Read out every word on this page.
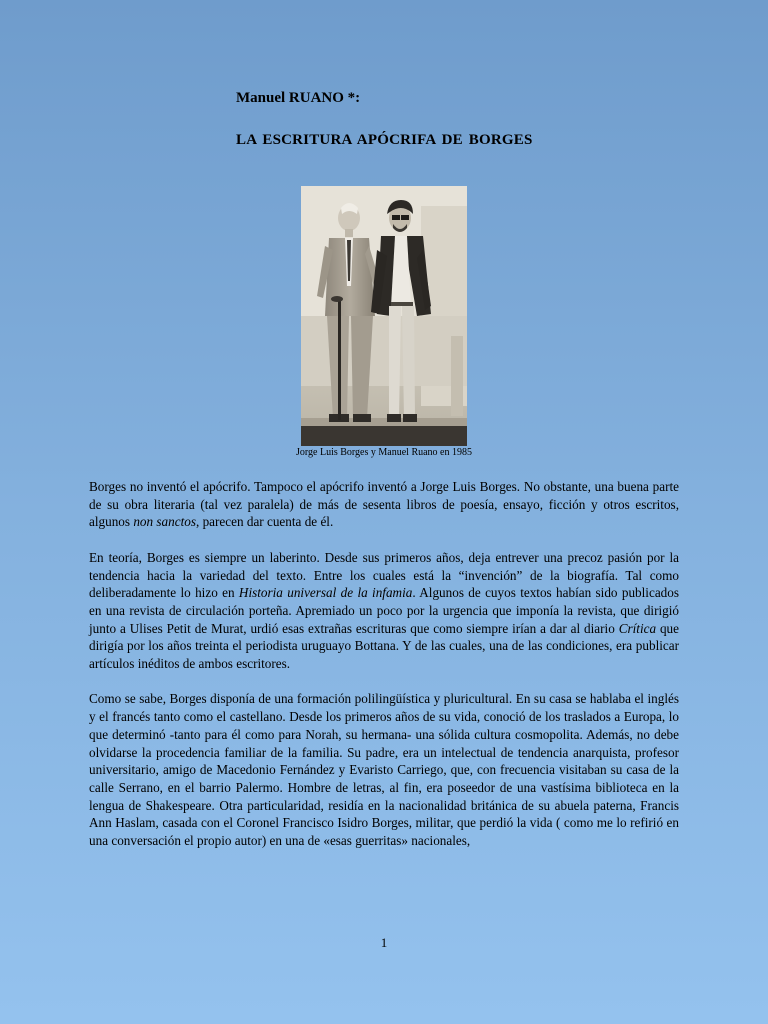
Manuel RUANO *:

LA ESCRITURA APÓCRIFA DE BORGES

Jorge Luis Borges y Manuel Ruano en 1985

Borges no inventó el apócrifo. Tampoco el apócrifo inventó a Jorge Luis Borges. No obstante, una buena parte de su obra literaria (tal vez paralela) de más de sesenta libros de poesía, ensayo, ficción y otros escritos, algunos non sanctos, parecen dar cuenta de él.

En teoría, Borges es siempre un laberinto. Desde sus primeros años, deja entrever una precoz pasión por la tendencia hacia la variedad del texto. Entre los cuales está la “invención” de la biografía. Tal como deliberadamente lo hizo en Historia universal de la infamia. Algunos de cuyos textos habían sido publicados en una revista de circulación porteña. Apremiado un poco por la urgencia que imponía la revista, que dirigió junto a Ulises Petit de Murat, urdió esas extrañas escrituras que como siempre irían a dar al diario Crítica que dirigía por los años treinta el periodista uruguayo Bottana. Y de las cuales, una de las condiciones, era publicar artículos inéditos de ambos escritores.

Como se sabe, Borges disponía de una formación polilingüística y pluricultural. En su casa se hablaba el inglés y el francés tanto como el castellano. Desde los primeros años de su vida, conoció de los traslados a Europa, lo que determinó -tanto para él como para Norah, su hermana- una sólida cultura cosmopolita. Además, no debe olvidarse la procedencia familiar de la familia. Su padre, era un intelectual de tendencia anarquista, profesor universitario, amigo de Macedonio Fernández y Evaristo Carriego, que, con frecuencia visitaban su casa de la calle Serrano, en el barrio Palermo. Hombre de letras, al fin, era poseedor de una vastísima biblioteca en la lengua de Shakespeare. Otra particularidad, residía en la nacionalidad británica de su abuela paterna, Francis Ann Haslam, casada con el Coronel Francisco Isidro Borges, militar, que perdió la vida ( como me lo refirió en una conversación el propio autor) en una de «esas guerritas» nacionales,

1
